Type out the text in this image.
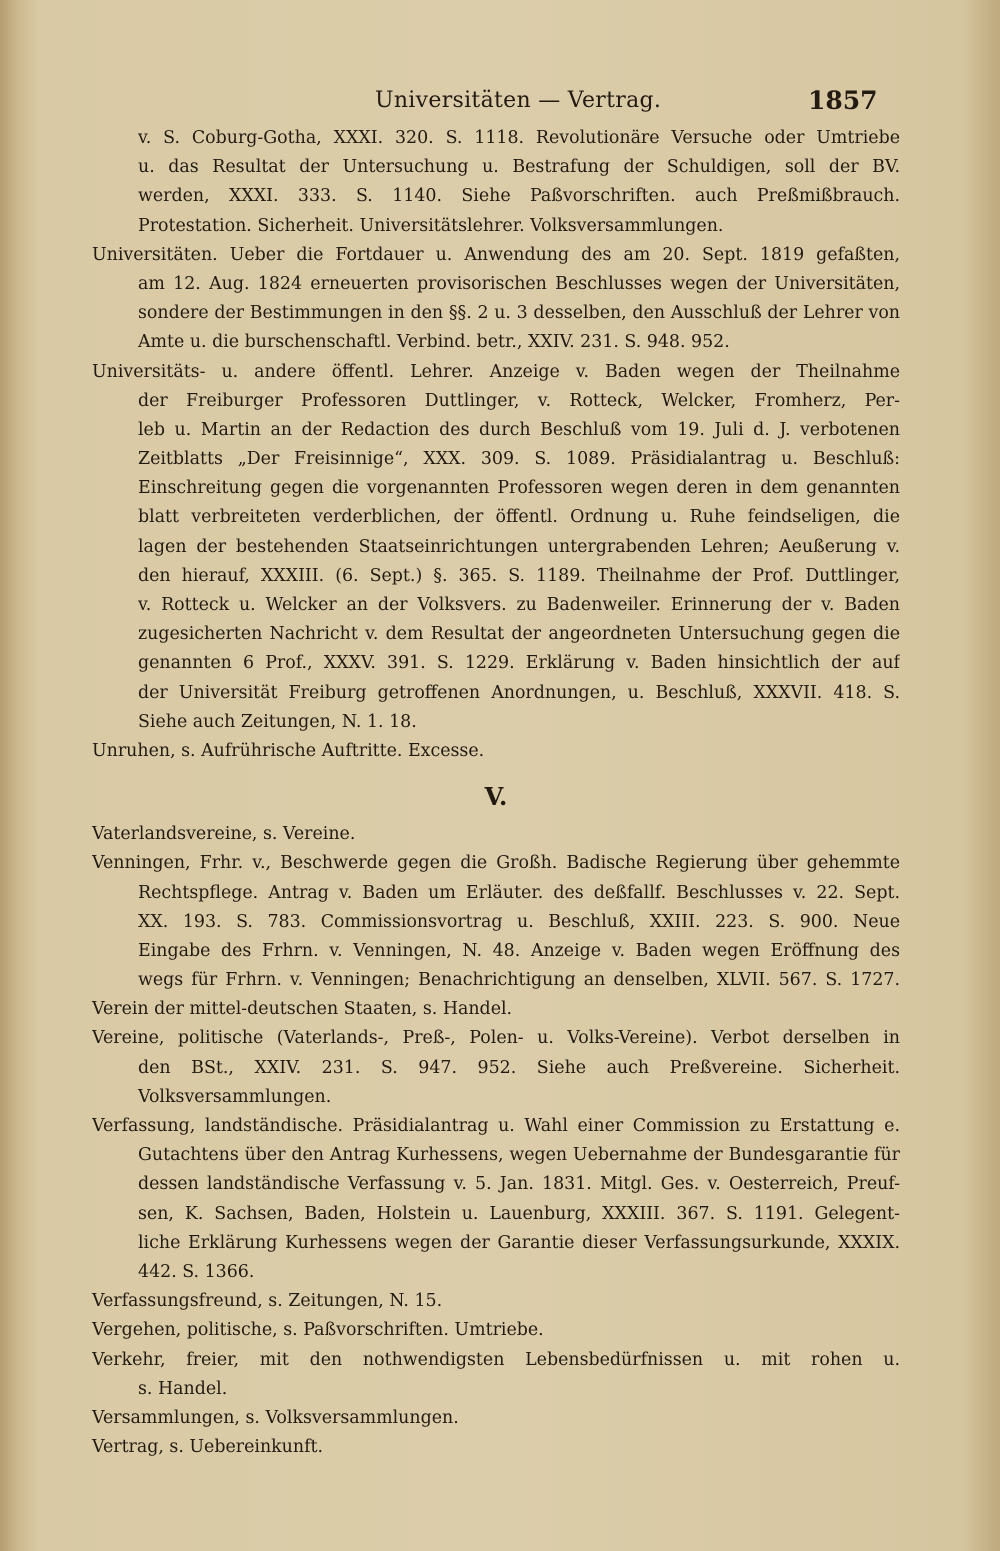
Universitäten — Vertrag.	1857
v. S. Coburg-Gotha, XXXI. 320. S. 1118. Revolutionäre Versuche oder Umtriebe
u. das Resultat der Untersuchung u. Bestrafung der Schuldigen, soll der BV.
werden, XXXI. 333. S. 1140. Siehe Paßvorschriften. auch Preßmißbrauch.
Protestation. Sicherheit. Universitätslehrer. Volksversammlungen.
Universitäten. Ueber die Fortdauer u. Anwendung des am 20. Sept. 1819 gefaßten,
am 12. Aug. 1824 erneuerten provisorischen Beschlusses wegen der Universitäten,
sondere der Bestimmungen in den §§. 2 u. 3 desselben, den Ausschluß der Lehrer von
Amte u. die burschenschaftl. Verbind. betr., XXIV. 231. S. 948. 952.
Universitäts- u. andere öffentl. Lehrer. Anzeige v. Baden wegen der Theilnahme
der Freiburger Professoren Duttlinger, v. Rotteck, Welcker, Fromherz, Per-
leb u. Martin an der Redaction des durch Beschluß vom 19. Juli d. J. verbotenen
Zeitblatts „Der Freisinnige“, XXX. 309. S. 1089. Präsidialantrag u. Beschluß:
Einschreitung gegen die vorgenannten Professoren wegen deren in dem genannten
blatt verbreiteten verderblichen, der öffentl. Ordnung u. Ruhe feindseligen, die
lagen der bestehenden Staatseinrichtungen untergrabenden Lehren; Aeußerung v.
den hierauf, XXXIII. (6. Sept.) §. 365. S. 1189. Theilnahme der Prof. Duttlinger,
v. Rotteck u. Welcker an der Volksvers. zu Badenweiler. Erinnerung der v. Baden
zugesicherten Nachricht v. dem Resultat der angeordneten Untersuchung gegen die
genannten 6 Prof., XXXV. 391. S. 1229. Erklärung v. Baden hinsichtlich der auf
der Universität Freiburg getroffenen Anordnungen, u. Beschluß, XXXVII. 418. S.
Siehe auch Zeitungen, N. 1. 18.
Unruhen, s. Aufrührische Auftritte. Excesse.
V.
Vaterlandsvereine, s. Vereine.
Venningen, Frhr. v., Beschwerde gegen die Großh. Badische Regierung über gehemmte
Rechtspflege. Antrag v. Baden um Erläuter. des deßfallf. Beschlusses v. 22. Sept.
XX. 193. S. 783. Commissionsvortrag u. Beschluß, XXIII. 223. S. 900. Neue
Eingabe des Frhrn. v. Venningen, N. 48. Anzeige v. Baden wegen Eröffnung des
wegs für Frhrn. v. Venningen; Benachrichtigung an denselben, XLVII. 567. S. 1727.
Verein der mittel-deutschen Staaten, s. Handel.
Vereine, politische (Vaterlands-, Preß-, Polen- u. Volks-Vereine). Verbot derselben in
den BSt., XXIV. 231. S. 947. 952. Siehe auch Preßvereine. Sicherheit.
Volksversammlungen.
Verfassung, landständische. Präsidialantrag u. Wahl einer Commission zu Erstattung e.
Gutachtens über den Antrag Kurhessens, wegen Uebernahme der Bundesgarantie für
dessen landständische Verfassung v. 5. Jan. 1831. Mitgl. Ges. v. Oesterreich, Preuf-
sen, K. Sachsen, Baden, Holstein u. Lauenburg, XXXIII. 367. S. 1191. Gelegent-
liche Erklärung Kurhessens wegen der Garantie dieser Verfassungsurkunde, XXXIX.
442. S. 1366.
Verfassungsfreund, s. Zeitungen, N. 15.
Vergehen, politische, s. Paßvorschriften. Umtriebe.
Verkehr, freier, mit den nothwendigsten Lebensbedürfnissen u. mit rohen u.
s. Handel.
Versammlungen, s. Volksversammlungen.
Vertrag, s. Uebereinkunft.
